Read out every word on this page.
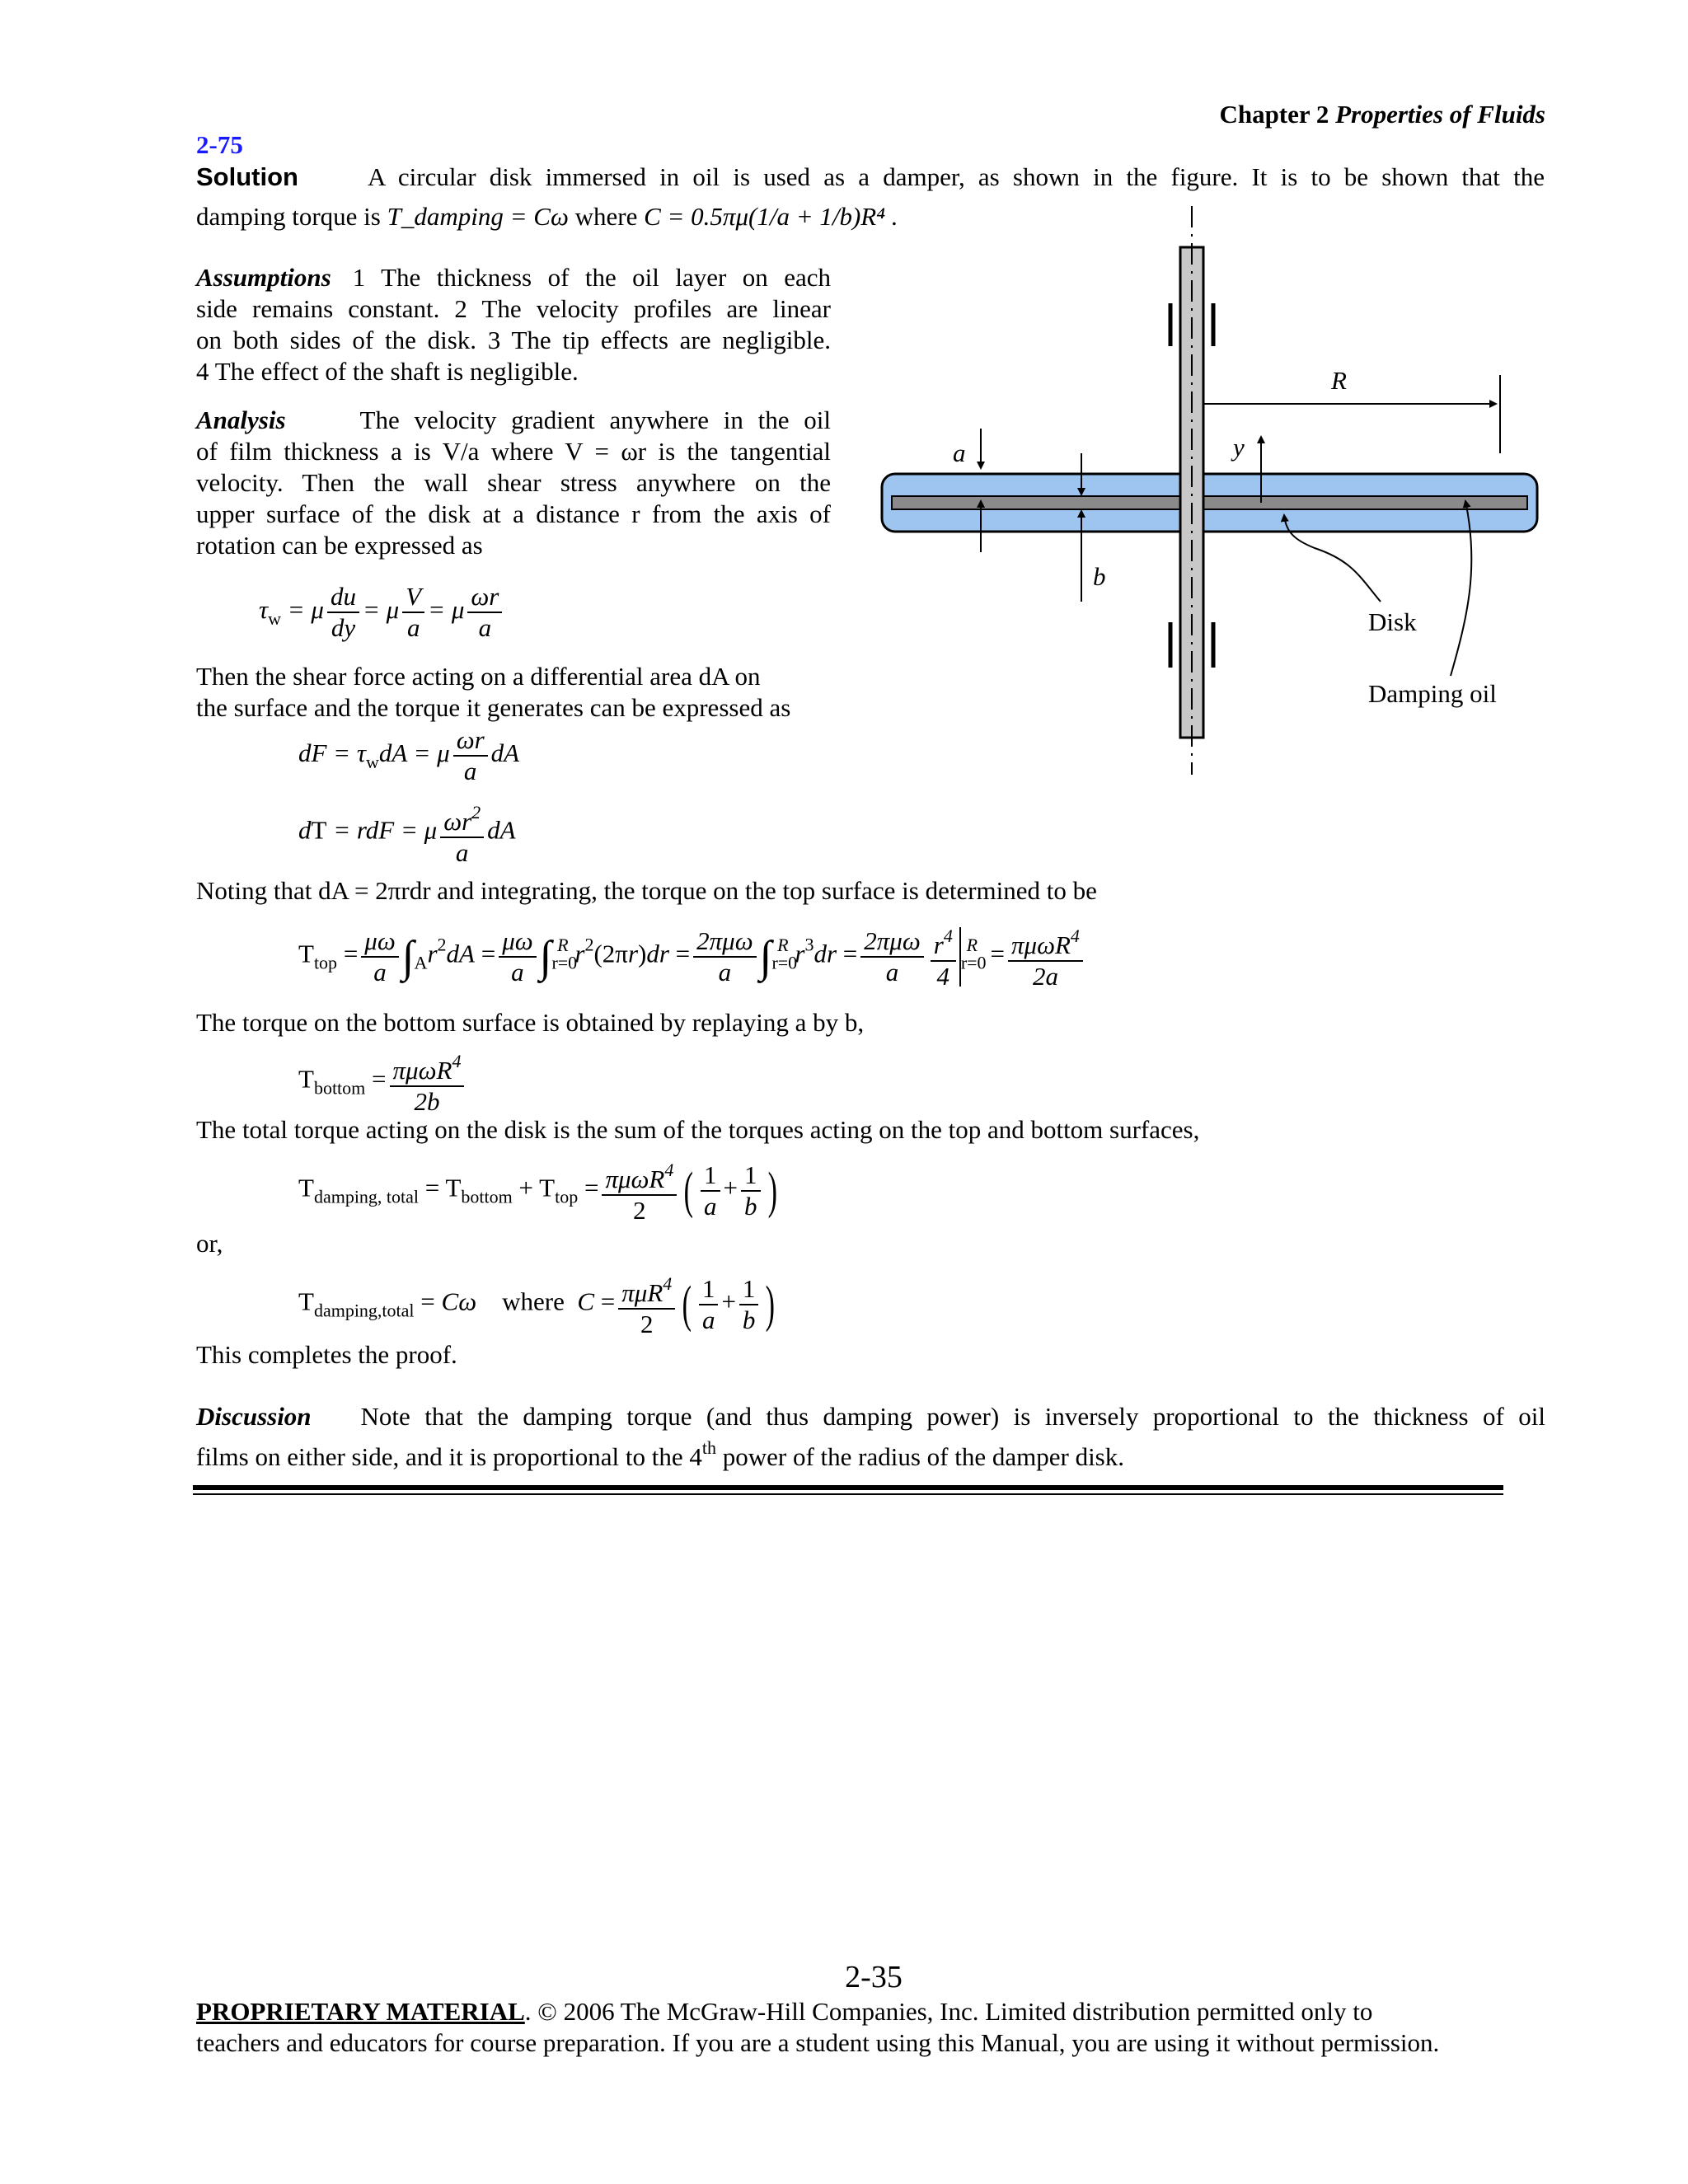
Chapter 2 Properties of Fluids
2-75
Solution	A circular disk immersed in oil is used as a damper, as shown in the figure. It is to be shown that the
damping torque is T_damping = Cω where C = 0.5πμ(1/a + 1/b)R⁴ .
Assumptions 1 The thickness of the oil layer on each
side remains constant. 2 The velocity profiles are linear
on both sides of the disk. 3 The tip effects are negligible.
4 The effect of the shaft is negligible.
Analysis	The velocity gradient anywhere in the oil
of film thickness a is V/a where V = ωr is the tangential
velocity. Then the wall shear stress anywhere on the
upper surface of the disk at a distance r from the axis of
rotation can be expressed as
$\tau_w = \mu \frac{du}{dy} = \mu \frac{V}{a} = \mu \frac{\omega r}{a}$
Then the shear force acting on a differential area dA on
the surface and the torque it generates can be expressed as
dF = $\tau_wdA = \mu \frac{\omega r}{a}$ dA
dT = rdF = μ $\frac{\omega r^2}{a}$ dA
Noting that dA = 2πrdr and integrating, the torque on the top surface is determined to be
$T_{top} = \frac{\mu\omega}{a} \int_Ar^2dA = \frac{\mu\omega}{a} \int_{r=0}^R$ $r^2(2\pi r)dr = \frac{\text{2πμω}}{a} \int_{r=0}^R$ $r^3dr = \frac{\text{2πμω}}{a} \frac{r^4}{4} _{r=0}^R = \frac{\pi\mu\omega R^4}{2a}$
The torque on the bottom surface is obtained by replaying a by b,
$T_{bottom} = \frac{\pi\mu\omega R^4}{2b}$
The total torque acting on the disk is the sum of the torques acting on the top and bottom surfaces,
$T_{damping, total} = T_{bottom} + T_{top} = \frac{\pi\mu\omega R^4}{2}$ ( $\frac{1}{a} + \frac{1}{b}$ )
or,
$T_{damping,total} = C\omega$    where  $C = \frac{\pi\mu R^4}{2}$ ( $\frac{1}{a} + \frac{1}{b}$ )
This completes the proof.
Discussion Note that the damping torque (and thus damping power) is inversely proportional to the thickness of oil
films on either side, and it is proportional to the 4th power of the radius of the damper disk.
R
a	y
b
Disk
Damping oil
2-35
PROPRIETARY MATERIAL. © 2006 The McGraw-Hill Companies, Inc. Limited distribution permitted only to
teachers and educators for course preparation. If you are a student using this Manual, you are using it without permission.
